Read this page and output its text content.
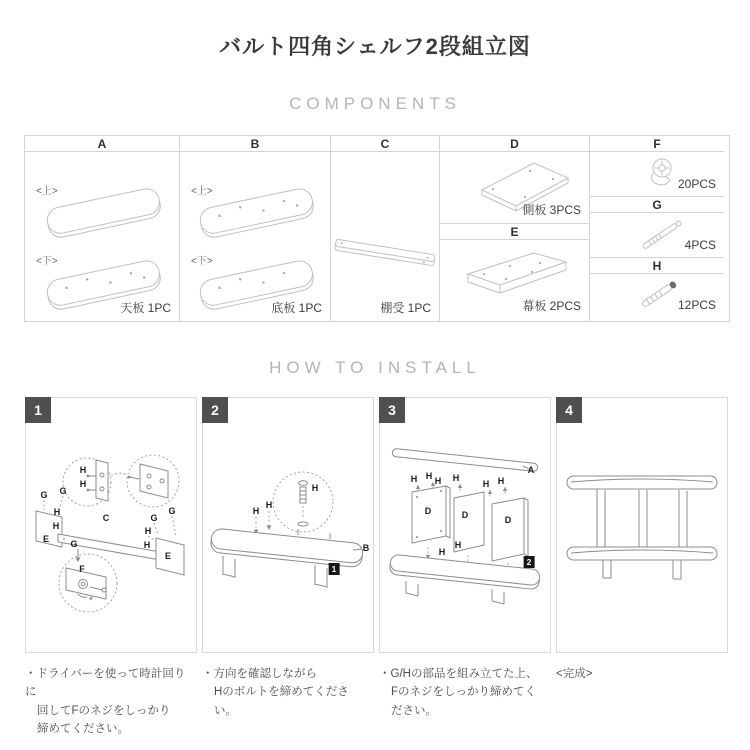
バルト四角シェルフ2段組立図
COMPONENTS
A
<上>
<下>
天板 1PC
B
<上>
<下>
底板 1PC
C
棚受 1PC
D
側板 3PCS
E
幕板 2PCS
F
20PCS
G
4PCS
H
12PCS
HOW TO INSTALL
1
H
H
G G
H
H
E
C	G
G
H
H
E
G
F
2
H
H
H
B
1
3
A
H H H H
H H
D	D	D
H
H
2
4
・ドライバーを使って時計回りに
回してFのネジをしっかり
締めてください。
・方向を確認しながら
Hのボルトを締めてください。
・G/Hの部品を組み立てた上、
Fのネジをしっかり締めてください。
<完成>
